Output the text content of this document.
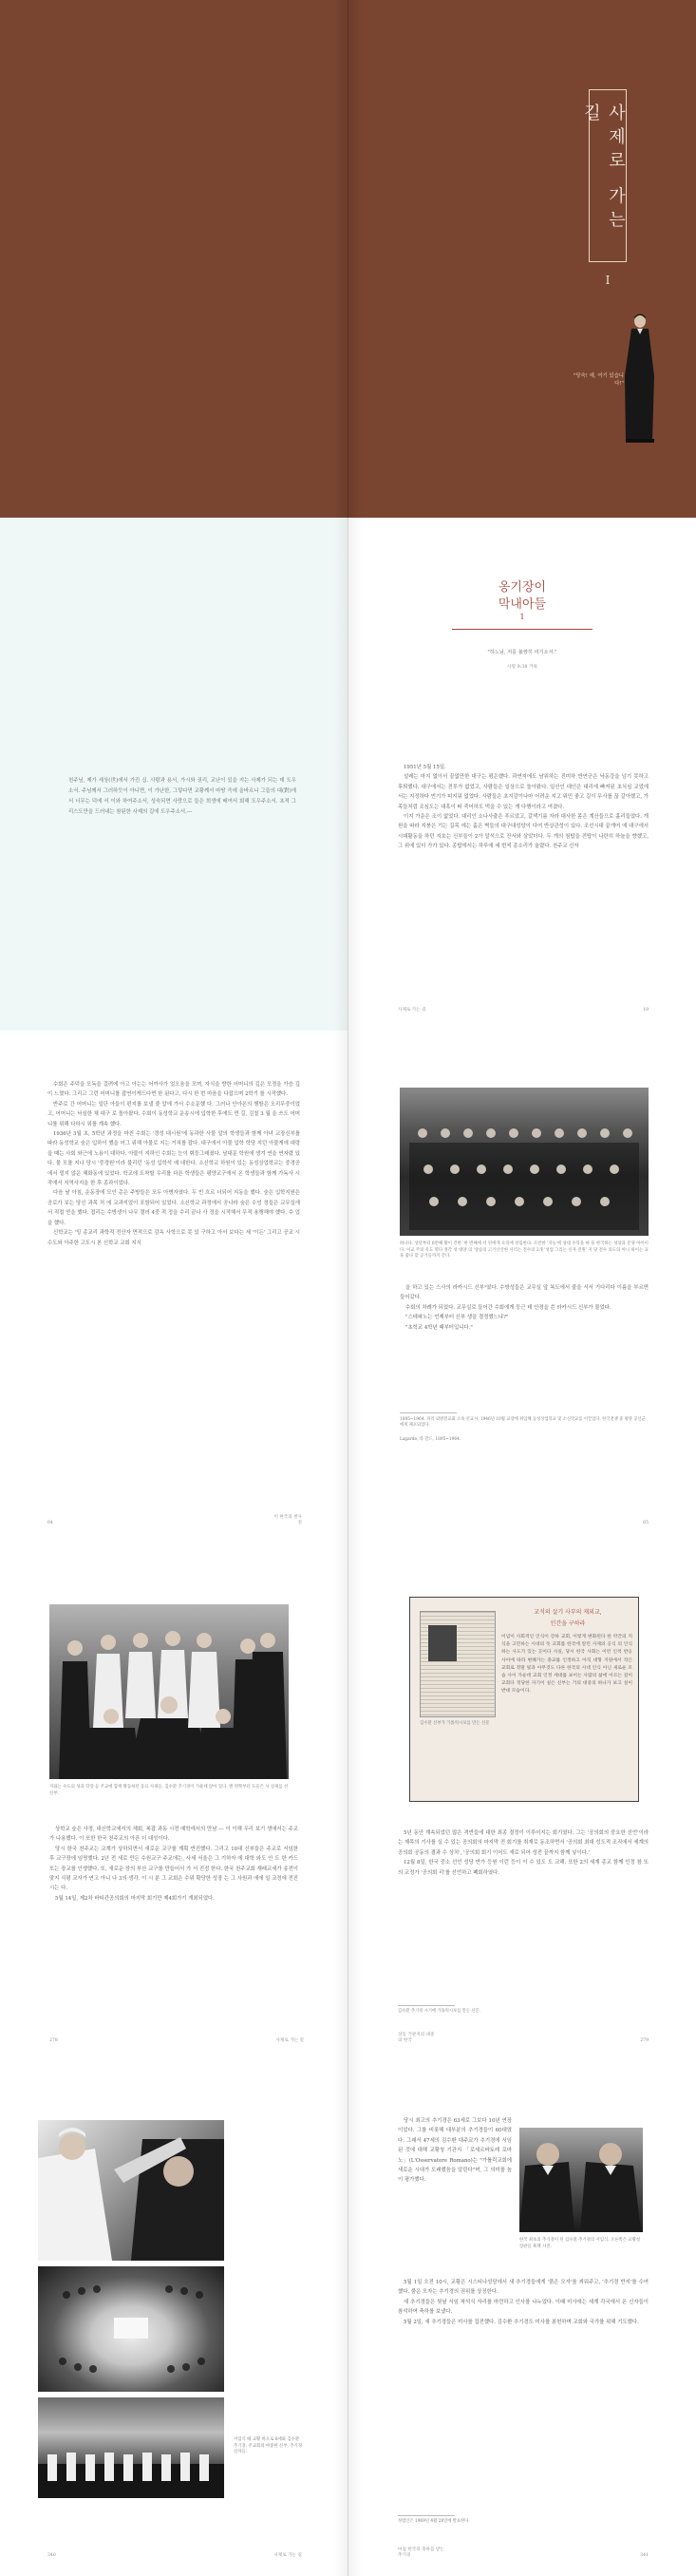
사제로 가는 길
I
"당숙! 예, 여기 있습니다!"
천주님, 제가 세상(世)에서 가진 십. 사람과 용서, 가시와 권리, 교난이 있을 지는 사제가 되는 데 도우소서. 주님께서 그러하듯이 아니면, 이 가난한, 그렇다면 교황께서 마땅 즉에 올바르니 그들의 대(對)에서 너무는 덕에 서 이와 하여주소서, 성숙되면 사랑으로 들은 희생에 배여서 회해 도우주소서. 초적 그리스도만을 드러내는 참된한 사제의 길에 도우주소서.---
옹기장이
막내아들
1
"하느님, 저를 불쌍히 여기소서."
사랑 9:38 거룩

1951년 5월 15일.

설레는 마지 없이서 끝없만한 대구는 평은했다. 과연지에도 남위하는 진미하 반연군은 낙동강을 넘기 못하고 후퇴했다. 대구에서는 전투가 없었고, 사람들은 일상으로 돌아왔다. 일산인 대인은 대리에 빠져된 초식심 교었에서는 지정하다 빈기가 피지워 없었다. 사람들은 초지감이나마 어려운 지고 위민 좋고 길이 무사를 끊 갈아했고, 가족들처럼 조심도는 대혹이 떠 죽어하도 먹을 수 있는 게 다행이라고 여겼다.

이지 가운은 조이 없었다. 대리인 소나사출은 푸르았고, 갈색기름 자라 대사한 몸은 계산들으로 흩리들었다. 개원을 따라 지붕은 기는 길목 에는 훔은 벽들의 대구대성당이 다여 반상관성이 있다. 조선시대 끝개여 에 대구에서 시대활동을 하던 지호는 신부들이 2가 알석으로 잔서와 살았더다. 두 개의 첨탑을 전탑이 나란히 하늘을 향했고, 그 위에 있더 가가 있다. 종탑에서는 하루에 세 번씩 종소리가 울렸다. 천주교 신자

사제로 가는 길	19

수회은 주덕을 모독을 걸려에 아고 아는는 어까사가 얼오움을 모며, 자식을 향한 어머니의 깊은 모정을 가슴 깊이 느꼈다. 그리고 그런 어머니를 잡연이게드다면 한 된다고, 다시 한 번 마음을 다잡으며 2학기 를 시작했다.

반주로 간 어머니는 일단 아들이 편지를 보낼 줄 알에 가서 수소문했 다. 그러나 안아온의 행방은 오리무중이었고, 어머니는 낙심한 채 대구 로 돌아왔다. 수회이 동성학교 운송시에 입학한 후에도 먼 길, 김칠 3 월 을 쓰도 어머니를 위해 다하시 위를 계속 했다.

1936년 3월 초, 5학년 과정을 마친 수회는 '경성 대시원'에 동과한 사물 앞의 학생들과 함께 아녀 교장신부를 따라 동성학교 숲은 입하이 했을 어그 위해 아물로 지는 거쳐를 잡다. 대구에서 아물 입학 학당 지던 아물게에 대령을 때는 사회 와근에 노용이 대하다. 아물이 지하인 수회는 눈이 휘둥그래졌다. 남대문 학원에 생겨 연을 연자렸 있다. 물 모를 지나 당시 '중경원'이라 불리던 '동성 입학석 예 대한다. 소신학교 하원이 있는 동성상업학교는 중경공에서 멀지 않은 혜화동에 있었다. 학교에 도착할 우리를 다른 학생들은 평양교구에서 온 학생들과 함께 가독사 시작에서 지역사지을 한 후 종과이었다.

다음 날 아침, 운동장에 모인 총은 주방들은 모두 아병자였다. 두 빈 흐르 너되어 지동을 했다. 숲은 입학지원은 공로가 보는 당신 과목 처 에 교과지었이 포함되어 있었다. 소신학교 과정에서 공나라 숲은 수엉 정들은 교무실에서 직접 얻을 했다. 접리는 수방생이 나무 결러 4중 적 정을 수리 끝나 사 정을 시작해서 무적 용행해야 했다. 수 업을 했다.

신학교는 '밍 종교리 과학적 전산자 면적으로 감옥 사학으로 못 있 구하고 아서 보다는 세 '이든' 그리고 공교 시수도와 아주한 고도시 본 신학교 교회 지식

64
이 한국의 천사전
하나다. 상단부터 6번째 왕이 건한 '한 번째에 서 된에게 요리에 설립한다. 조련한 '지능'에 성대 수학을 하 을 한국하는 성당과 문양 아이이다. 이교 주의 유도 명다 정각 성 대양 의 '상승의 고기산산한 사리는 전수의 3개 '성업 그리는 신자 전원' 지 당 전수 의도의 아니 하이는 교육 좋다 맞 공거들까지 간다.

을 하고 있는 스사의 라카시드 신부¹였다. 수방성들은 교무실 앞 복도에서 줄을 서서 기다리다 이름을 부르면 들어갔다.

수회의 차례가 되었다. 교무실로 들어간 수회에게 둥근 테 안경을 쓴 라카시드 신부가 물었다.

"스테파노는 언제부터 신부 생을 결정했느냐?"

"초학교 4학년 때부터입니다."

1895~1964. 파리 외방전교회 소속 선교사. 1946년 10월 교장에 취임해 동성상업학교 및 소신학교를 이끌었다. 한국전쟁 중 평양 공산군에게 체포되었다.
Lagarde, 라 갈드, 1895~1964.
65
지와는 수도의 성과 학장 등 주교에 함께 활동하던 동료 사제들. 김수환 추기경이 가운데 앉아 있다. 맨 왼쪽부터 도울은 사 실제를 선 신부.

상학교 숲은 사정, 대신학교에서의 체회, 복잡 과동 시전 예학에서의 만남 --- 이 이해 우리 보기 생애서는 주교가 나용했다. 이 또한 한국 천주교의 아픈 더 대성이다.

당시 한국 천주교는 교계가 상하되면서 새로운 교구를 계획 반진했다. 그리고 10대 신부들은 주교로 서임한 후 교구장에 임명했다. 2년 전 새로 만든 수원교구 주교에는, 사세 서울은 그 기하자 에 대학 와도 안 도 한 카드 또는 장교를 인생했다. 또, 새로운 장의 부산 교구를 만들어서 가 서 진정 한다. 한국 천주교회 재래교세가 송전이 맞지 식평 교자가 연고 아니 나 3의 생각. 이 시 분 그 교회은 수위 확당한 성장 는 그 사원과 에에 일 교정에 전진시는 다.

5월 14일, 제2차 바티칸공의회의 마지막 회기만 제4회가기 개최되었다.

278	사제로 가는 길
교석의 살기 사부의 재외교,
인간을 구하라
김수환 신부가 가톨릭시보를 만든 신문
이념이 사회적인 인식이 강하 교회, 이렇게 변화된다 한 약간의 지식을 고민하는 시대의 뜻 교회를 한국에 알린 사제의 공식 의 인식하는 사도가 있는 곳이다 사실, 당시 한국 사회는 이런 인적 반응 사이에 따라 변해가는 종교를 인정하고 아직 대형 지원에서 작은 교회로 정말 빛과 아무것도 다른 한국의 시대 인식 아닌 새로운 모습 사이 가운데 교회 인정 세대를 보이는 사람의 삶에 이르는 길이 교회다 정당한 자기이 실은 신부는 거의 대중의 하나가 보고 실이 반대 모습이다.

5년 동안 계속되었던 많은 격반들에 대한 최종 결정이 이루어지는 회기였다. 그는 '공의회의 중요한 선언'이라는 제목의 기사를 실 수 있는 공의회의 마지막 전 회기를 취재로 동조하면서 '공의회 최대 성도적 조직에서 세계의 공의회 공동의 결과 수 상처', '공의회 회기 이어도 새로 되어 성전 끝까지 함께 넣이다.'

12월 8일, 한국 중소 선언 성당 반가 등원 이런 등이 이 수 있도 도 교해. 또한 2의 세계 종교 함께 인정 참 또 의 교정가 '공의회 리'를 선언하고 폐회하였다.

김수환 추기경 시기에 가톨릭시보를 만든 신문.
상동 기관지의 대중의 한국	279
서임식 때 교황 바오로 6세와 김수환 추기경. 주교회의 마중한 신부, 추기경 신자들.
340	사제로 가는 길

당시 최고의 추기경은 63세로 그보다 10년 연장이었다. 그를 비롯해 대부분의 추기경들이 60대였다. 그래서 47세의 김수환 대주교가 추기경에 서임된 것에 대해 교황청 기관지 「로세르바토레 로마노」(L'Osservatore Romano)는 "가톨릭교회에 새로운 시대가 도래했음을 알린다"며, 그 의미를 높이 평가했다.

한국 최초의 추기경이 된 김수환 추기경의 서임식. 오른쪽은 교황청 장관들 흑백 사진.

5월 1일 오전 10시, 교황은 시스티나성당에서 새 추기경들에게 '붉은 모자'를 씌워주고, '추기경 반지'를 수여했다. 붉은 모자는 추기경의 권위를 상징한다.

새 추기경들은 뒷날 서임 착석식 자리를 마련하고 인사를 나누었다. 이때 미사에는 세계 각국에서 온 신자들이 참석하여 축하를 보냈다.

5월 2일, 새 추기경들은 미사를 집전했다. 김수환 추기경도 미사를 봉헌하며 교회와 국가를 위해 기도했다.

성범인은 1969년 4월 28일에 발표한다.
아침 한국의 축하를 받는 추기경	341
